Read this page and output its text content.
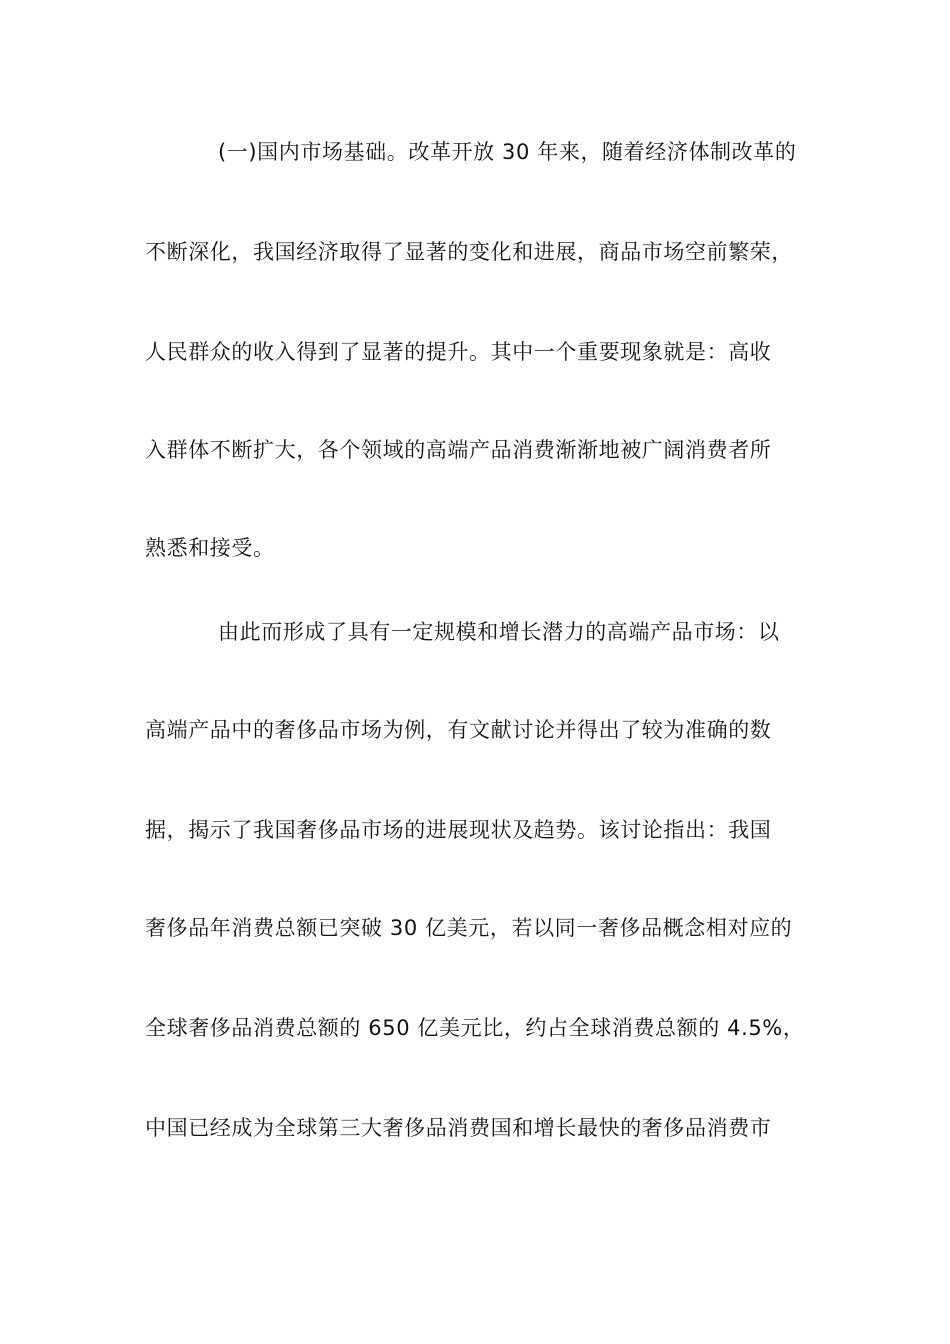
(一)国内市场基础。改革开放 30 年来，随着经济体制改革的
不断深化，我国经济取得了显著的变化和进展，商品市场空前繁荣，
人民群众的收入得到了显著的提升。其中一个重要现象就是：高收
入群体不断扩大，各个领域的高端产品消费渐渐地被广阔消费者所
熟悉和接受。
由此而形成了具有一定规模和增长潜力的高端产品市场：以
高端产品中的奢侈品市场为例，有文献讨论并得出了较为准确的数
据，揭示了我国奢侈品市场的进展现状及趋势。该讨论指出：我国
奢侈品年消费总额已突破 30 亿美元，若以同一奢侈品概念相对应的
全球奢侈品消费总额的 650 亿美元比，约占全球消费总额的 4.5%，
中国已经成为全球第三大奢侈品消费国和增长最快的奢侈品消费市
